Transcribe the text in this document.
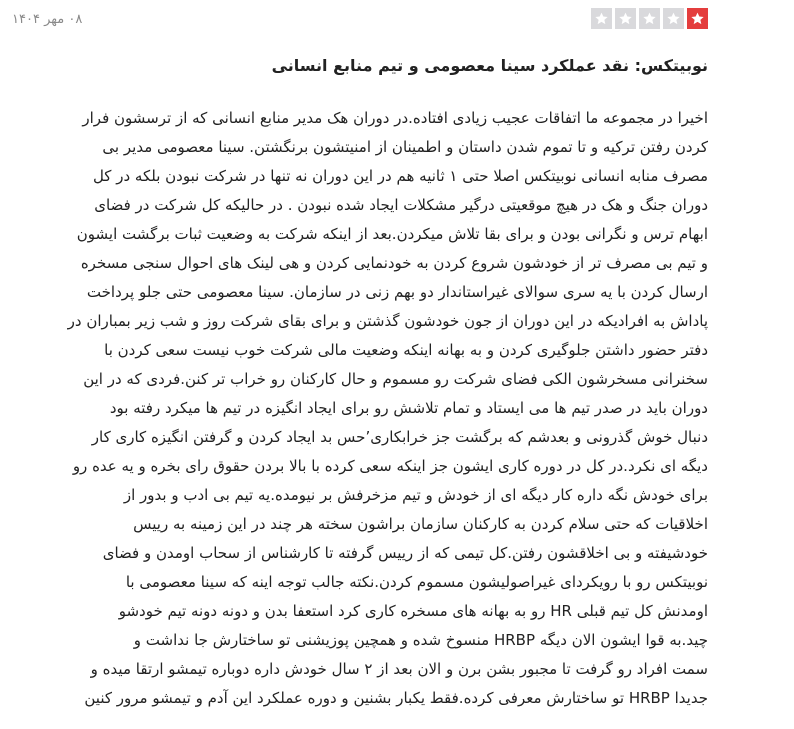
۰۸ مهر ۱۴۰۴
نوبیتکس: نقد عملکرد سینا معصومی و تیم منابع انسانی
اخیرا در مجموعه ما اتفاقات عجیب زیادی افتاده.در دوران هک مدیر منابع انسانی که از ترسشون فرار
کردن رفتن ترکیه و تا تموم شدن داستان و اطمینان از امنیتشون برنگشتن. سینا معصومی مدیر بی
مصرف منابه انسانی نوبیتکس اصلا حتی ۱ ثانیه هم در این دوران نه تنها در شرکت نبودن بلکه در کل
دوران جنگ و هک در هیچ موقعیتی درگیر مشکلات ایجاد شده نبودن . در حالیکه کل شرکت در فضای
ابهام ترس و نگرانی بودن و برای بقا تلاش میکردن.بعد از اینکه شرکت به وضعیت ثبات برگشت ایشون
و تیم بی مصرف تر از خودشون شروع کردن به خودنمایی کردن و هی لینک های احوال سنجی مسخره
ارسال کردن با یه سری سوالای غیراستاندار دو بهم زنی در سازمان. سینا معصومی حتی جلو پرداخت
پاداش به افرادیکه در این دوران از جون خودشون گذشتن و برای بقای شرکت روز و شب زیر بمباران در
دفتر حضور داشتن جلوگیری کردن و به بهانه اینکه وضعیت مالی شرکت خوب نیست سعی کردن با
سخنرانی مسخرشون الکی فضای شرکت رو مسموم و حال کارکنان رو خراب تر کنن.فردی که در این
دوران باید در صدر تیم ها می ایستاد و تمام تلاشش رو برای ایجاد انگیزه در تیم ها میکرد رفته بود
دنبال خوش گذرونی و بعدشم که برگشت جز خرابکاری٬حس بد ایجاد کردن و گرفتن انگیزه کاری کار
دیگه ای نکرد.در کل در دوره کاری ایشون جز اینکه سعی کرده با بالا بردن حقوق رای بخره و یه عده رو
برای خودش نگه داره کار دیگه ای از خودش و تیم مزخرفش بر نیومده.یه تیم بی ادب و بدور از
اخلاقیات که حتی سلام کردن به کارکنان سازمان براشون سخته هر چند در این زمینه به رییس
خودشیفته و بی اخلاقشون رفتن.کل تیمی که از رییس گرفته تا کارشناس از سحاب اومدن و فضای
نوبیتکس رو با رویکردای غیراصولیشون مسموم کردن.نکته جالب توجه اینه که سینا معصومی با
اومدنش کل تیم قبلی HR رو به بهانه های مسخره کاری کرد استعفا بدن و دونه دونه تیم خودشو
چید.به قوا ایشون الان دیگه HRBP منسوخ شده و همچین پوزیشنی تو ساختارش جا نداشت و
سمت افراد رو گرفت تا مجبور بشن برن و الان بعد از ۲ سال خودش داره دوباره تیمشو ارتقا میده و
جدیدا HRBP تو ساختارش معرفی کرده.فقط یکبار بشنین و دوره عملکرد این آدم و تیمشو مرور کنین
